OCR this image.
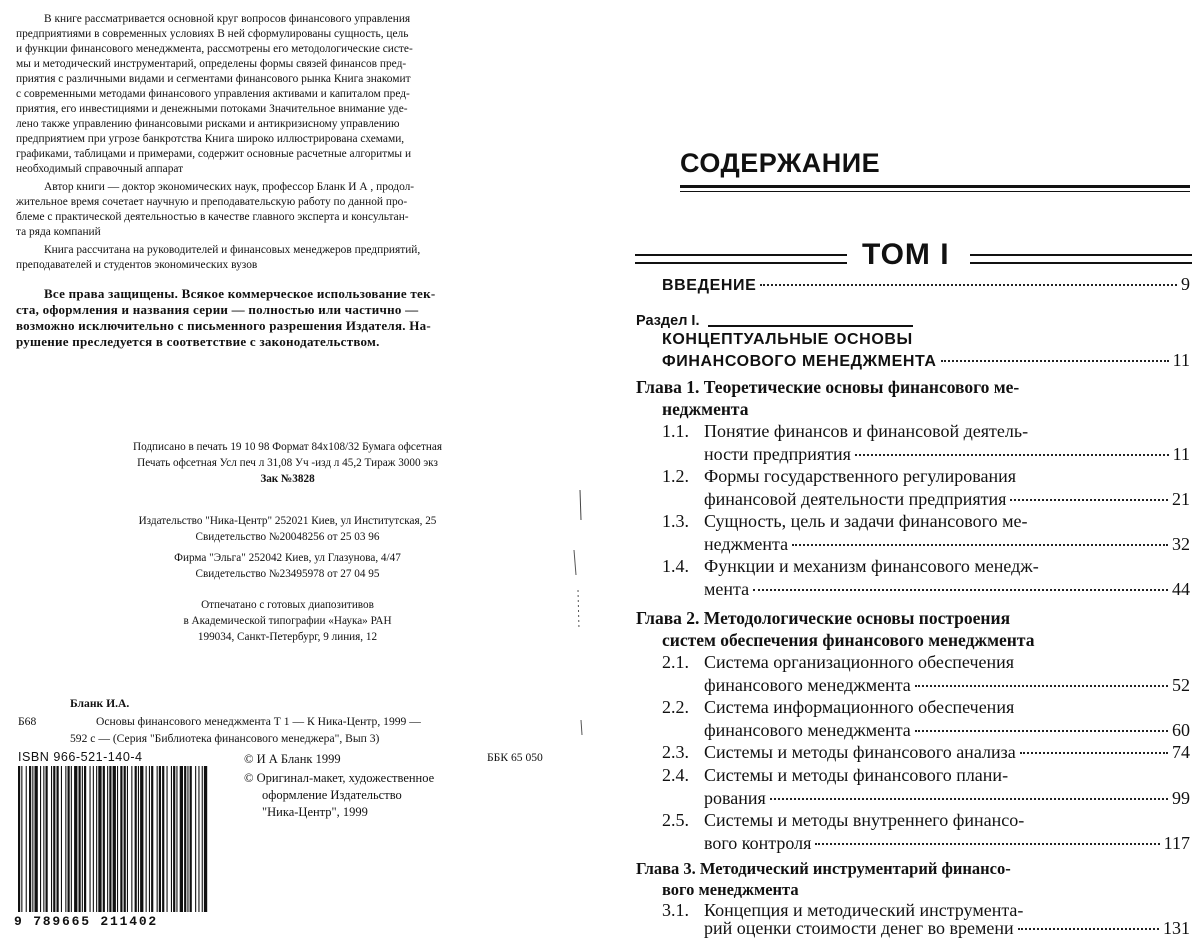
В книге рассматривается основной круг вопросов финансового управления
предприятиями в современных условиях В ней сформулированы сущность, цель
и функции финансового менеджмента, рассмотрены его методологические систе-
мы и методический инструментарий, определены формы связей финансов пред-
приятия с различными видами и сегментами финансового рынка Книга знакомит
с современными методами финансового управления активами и капиталом пред-
приятия, его инвестициями и денежными потоками Значительное внимание уде-
лено также управлению финансовыми рисками и антикризисному управлению
предприятием при угрозе банкротства Книга широко иллюстрирована схемами,
графиками, таблицами и примерами, содержит основные расчетные алгоритмы и
необходимый справочный аппарат
Автор книги — доктор экономических наук, профессор Бланк И А , продол-
жительное время сочетает научную и преподавательскую работу по данной про-
блеме с практической деятельностью в качестве главного эксперта и консультан-
та ряда компаний
Книга рассчитана на руководителей и финансовых менеджеров предприятий,
преподавателей и студентов экономических вузов
Все права защищены. Всякое коммерческое использование тек-
ста, оформления и названия серии — полностью или частично —
возможно исключительно с письменного разрешения Издателя. На-
рушение преследуется в соответствие с законодательством.
Подписано в печать 19 10 98 Формат 84х108/32 Бумага офсетная
Печать офсетная Усл печ л 31,08 Уч -изд л 45,2 Тираж 3000 экз
Зак №3828
Издательство "Ника-Центр" 252021 Киев, ул Институтская, 25
Свидетельство №20048256 от 25 03 96
Фирма "Эльга" 252042 Киев, ул Глазунова, 4/47
Свидетельство №23495978 от 27 04 95
Отпечатано с готовых диапозитивов
в Академической типографии «Наука» РАН
199034, Санкт-Петербург, 9 линия, 12
Бланк И.А.
Б68	Основы финансового менеджмента Т 1 — К Ника-Центр, 1999 —
592 с — (Серия "Библиотека финансового менеджера", Вып 3)
ББК 65 050
ISBN 966-521-140-4
9 789665 211402
© И А Бланк 1999
© Оригинал-макет, художественное
оформление Издательство
"Ника-Центр", 1999
СОДЕРЖАНИЕ
ТОМ I
ВВЕДЕНИЕ	9
Раздел I.
КОНЦЕПТУАЛЬНЫЕ ОСНОВЫ
ФИНАНСОВОГО МЕНЕДЖМЕНТА	11
Глава 1. Теоретические основы финансового ме-
неджмента
1.1. Понятие финансов и финансовой деятель-
ности предприятия	11
1.2. Формы государственного регулирования
финансовой деятельности предприятия	21
1.3. Сущность, цель и задачи финансового ме-
неджмента	32
1.4. Функции и механизм финансового менедж-
мента	44
Глава 2. Методологические основы построения
систем обеспечения финансового менеджмента
2.1. Система организационного обеспечения
финансового менеджмента	52
2.2. Система информационного обеспечения
финансового менеджмента	60
2.3. Системы и методы финансового анализа	74
2.4. Системы и методы финансового плани-
рования	99
2.5. Системы и методы внутреннего финансо-
вого контроля	117
Глава 3. Методический инструментарий финансо-
вого менеджмента
3.1. Концепция и методический инструмента-
рий оценки стоимости денег во времени	131
